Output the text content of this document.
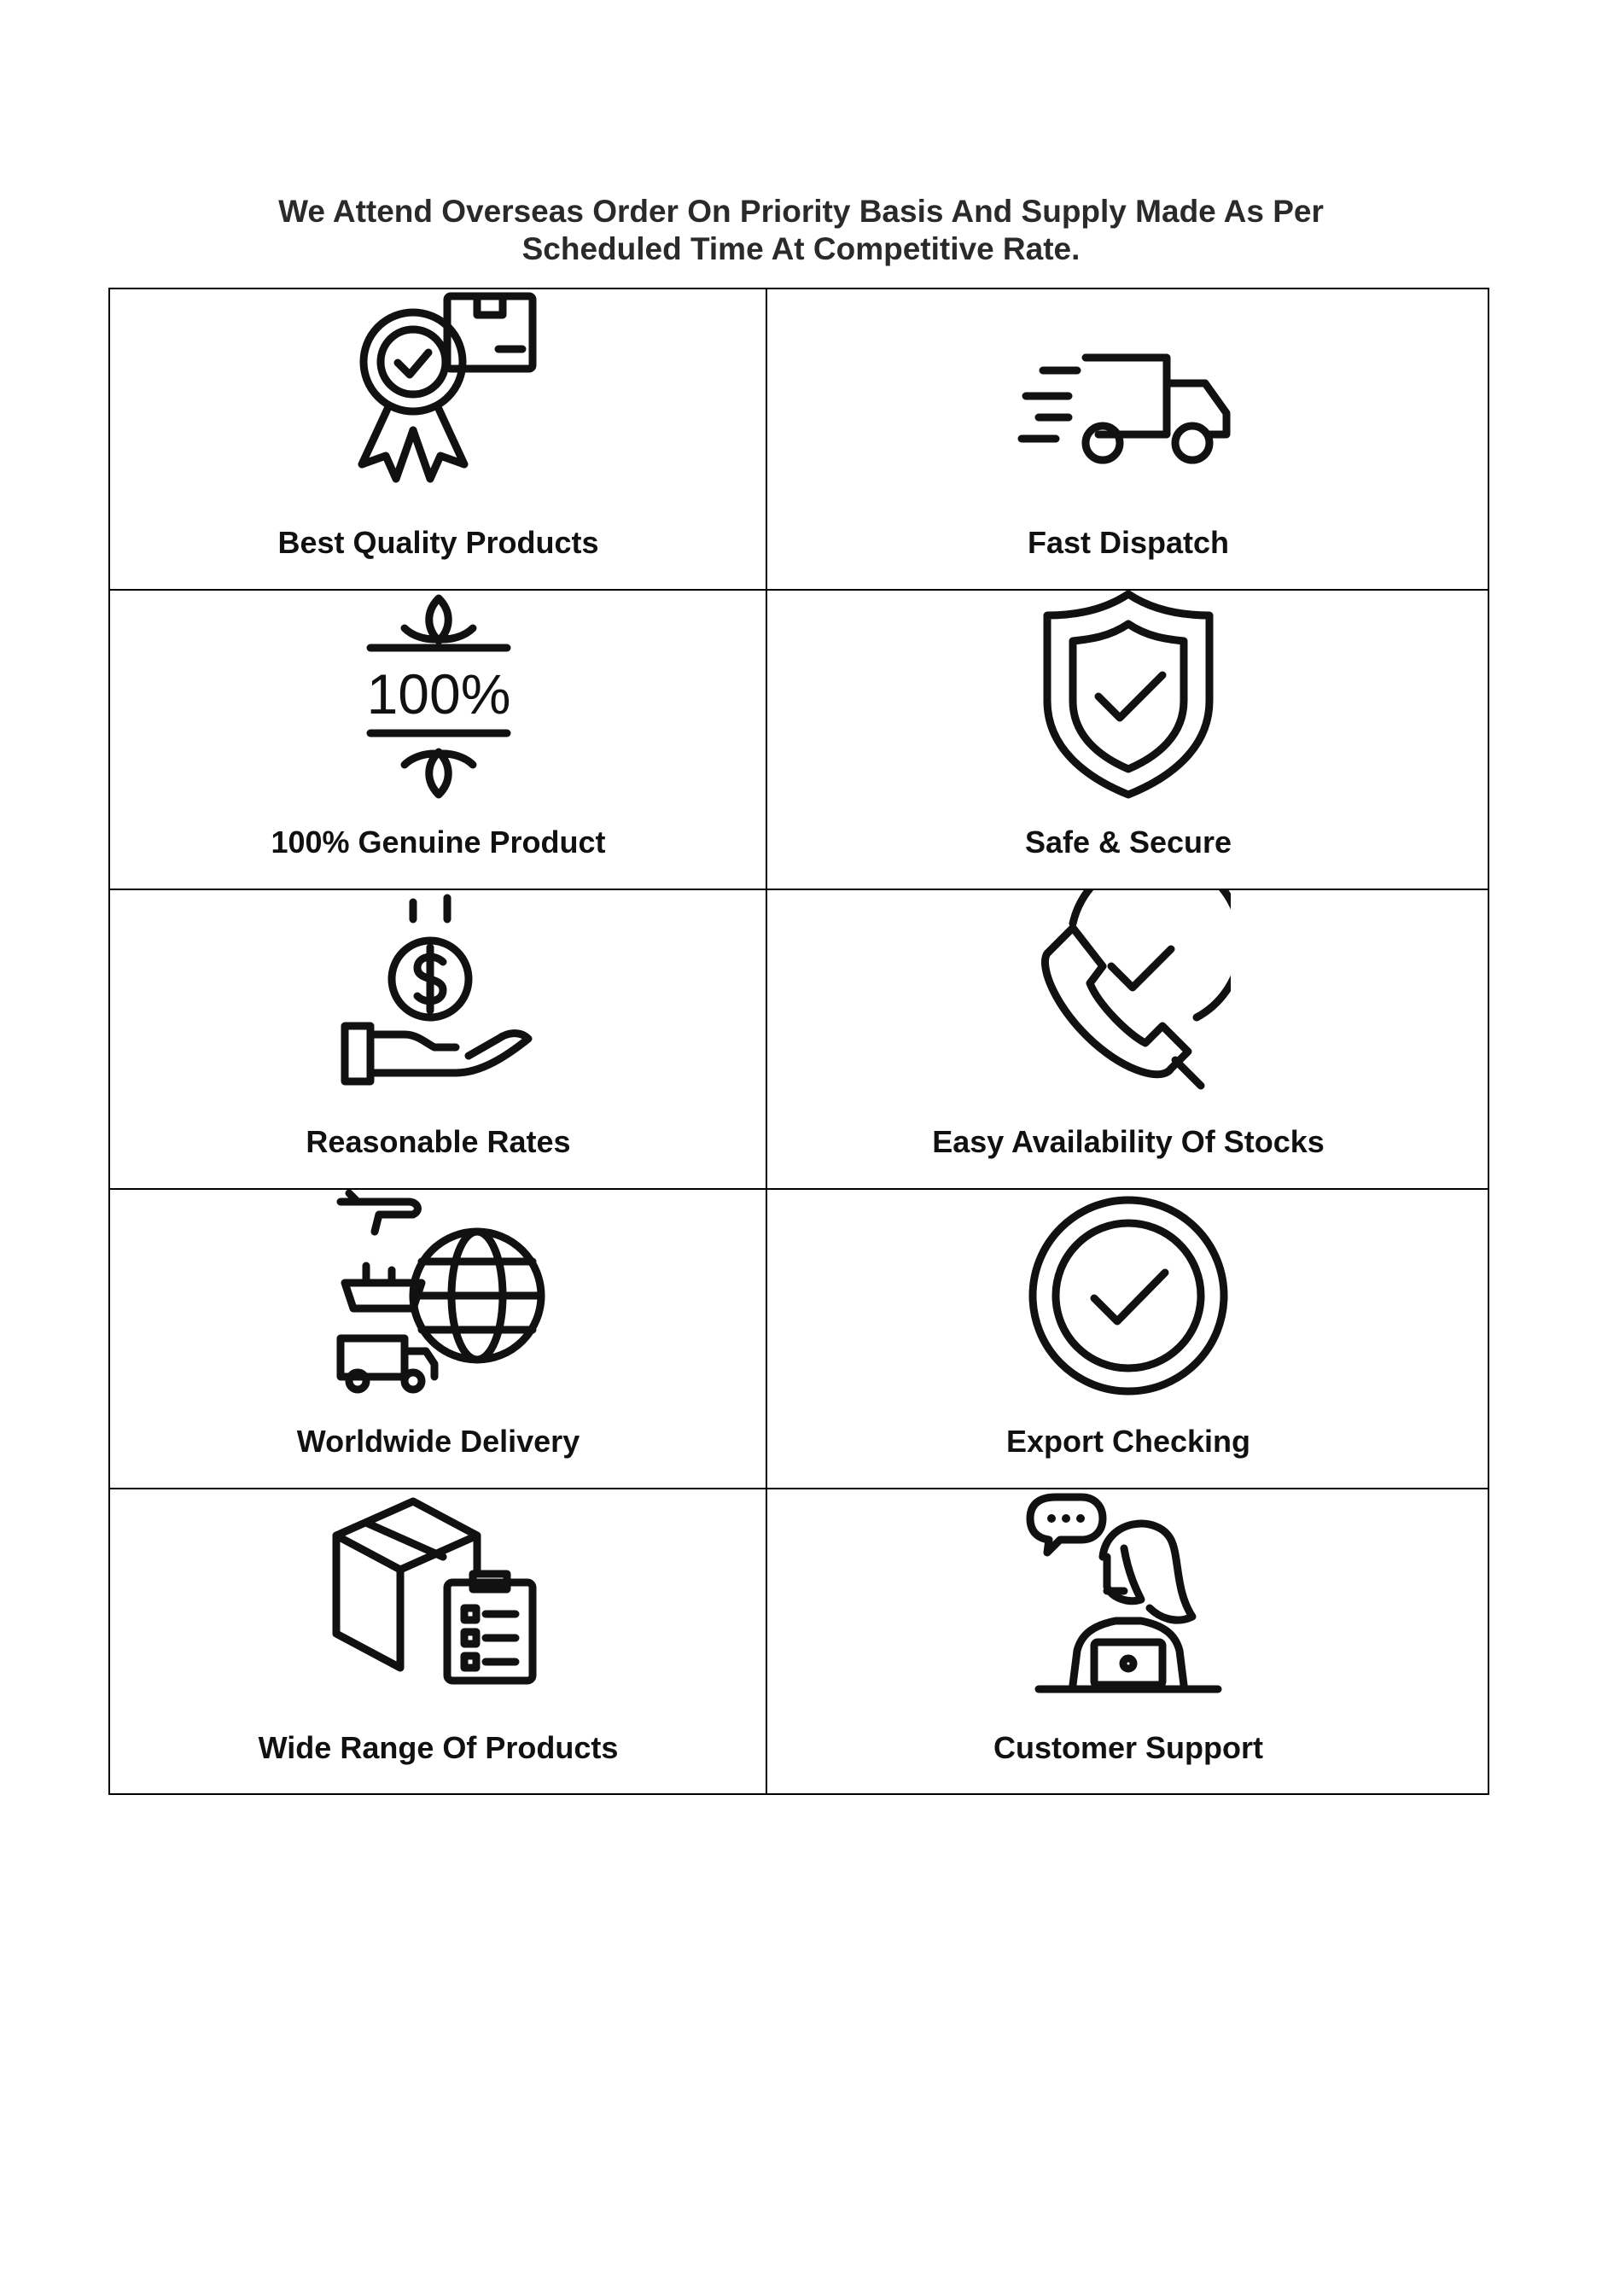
We Attend Overseas Order On Priority Basis And Supply Made As Per
Scheduled Time At Competitive Rate.
Best Quality Products	Fast Dispatch
100%
100% Genuine Product	Safe & Secure
Reasonable Rates	Easy Availability Of Stocks
Worldwide Delivery	Export Checking
Wide Range Of Products	Customer Support
